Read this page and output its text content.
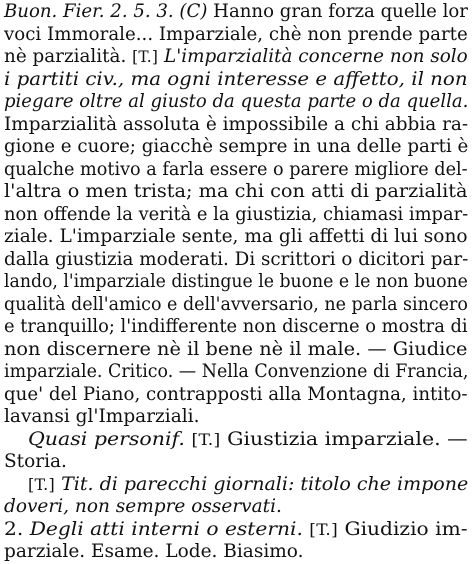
Buon. Fier. 2. 5. 3. (C) Hanno gran forza quelle lor
voci Immorale... Imparziale, chè non prende parte
nè parzialità. [T.] L'imparzialità concerne non solo
i partiti civ., ma ogni interesse e affetto, il non
piegare oltre al giusto da questa parte o da quella.
Imparzialità assoluta è impossibile a chi abbia ra-
gione e cuore; giacchè sempre in una delle parti è
qualche motivo a farla essere o parere migliore del-
l'altra o men trista; ma chi con atti di parzialità
non offende la verità e la giustizia, chiamasi impar-
ziale. L'imparziale sente, ma gli affetti di lui sono
dalla giustizia moderati. Di scrittori o dicitori par-
lando, l'imparziale distingue le buone e le non buone
qualità dell'amico e dell'avversario, ne parla sincero
e tranquillo; l'indifferente non discerne o mostra di
non discernere nè il bene nè il male. — Giudice
imparziale. Critico. — Nella Convenzione di Francia,
que' del Piano, contrapposti alla Montagna, intito-
lavansi gl'Imparziali.
Quasi personif. [T.] Giustizia imparziale. —
Storia.
[T.] Tit. di parecchi giornali: titolo che impone
doveri, non sempre osservati.
2. Degli atti interni o esterni. [T.] Giudizio im-
parziale. Esame. Lode. Biasimo.
